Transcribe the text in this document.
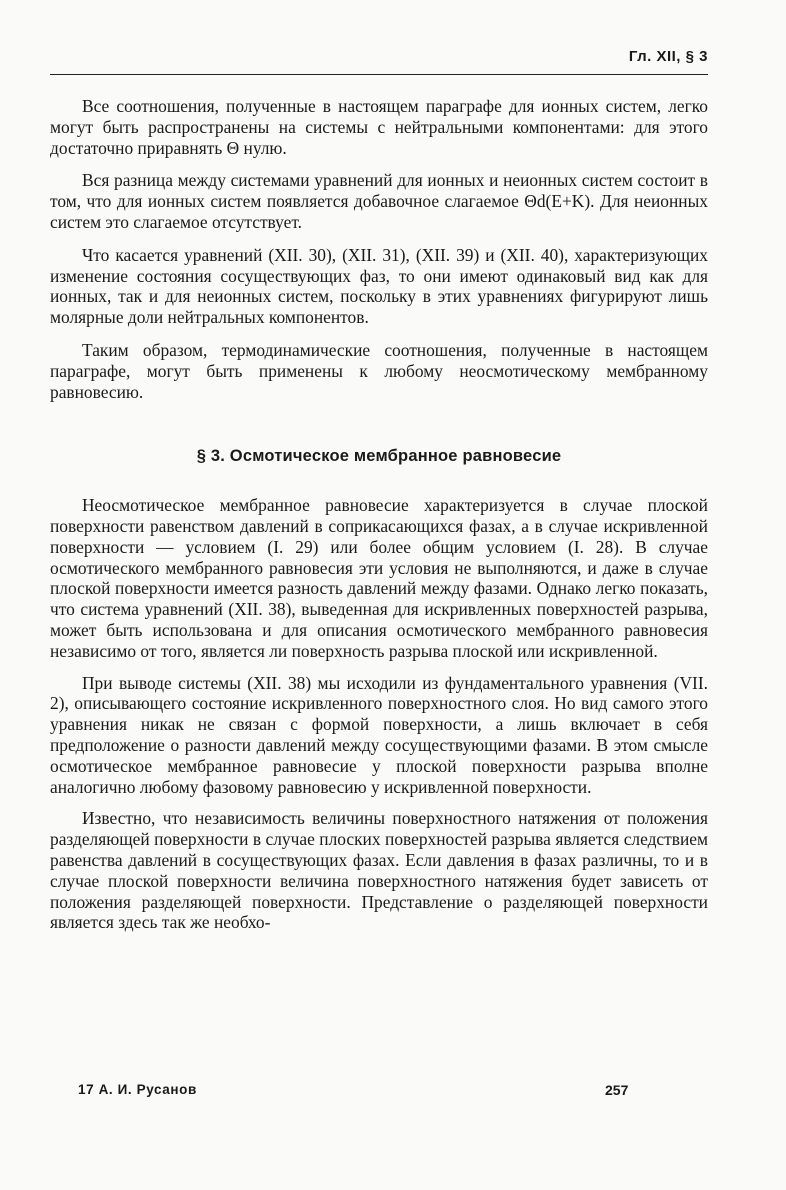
Гл. XII, § 3

Все соотношения, полученные в настоящем параграфе для ионных систем, легко могут быть распространены на системы с нейтральными компонентами: для этого достаточно приравнять Θ нулю.

Вся разница между системами уравнений для ионных и неионных систем состоит в том, что для ионных систем появляется добавочное слагаемое Θd(E+K). Для неионных систем это слагаемое отсутствует.

Что касается уравнений (XII. 30), (XII. 31), (XII. 39) и (XII. 40), характеризующих изменение состояния сосуществующих фаз, то они имеют одинаковый вид как для ионных, так и для неионных систем, поскольку в этих уравнениях фигурируют лишь молярные доли нейтральных компонентов.

Таким образом, термодинамические соотношения, полученные в настоящем параграфе, могут быть применены к любому неосмотическому мембранному равновесию.

§ 3. Осмотическое мембранное равновесие

Неосмотическое мембранное равновесие характеризуется в случае плоской поверхности равенством давлений в соприкасающихся фазах, а в случае искривленной поверхности — условием (I. 29) или более общим условием (I. 28). В случае осмотического мембранного равновесия эти условия не выполняются, и даже в случае плоской поверхности имеется разность давлений между фазами. Однако легко показать, что система уравнений (XII. 38), выведенная для искривленных поверхностей разрыва, может быть использована и для описания осмотического мембранного равновесия независимо от того, является ли поверхность разрыва плоской или искривленной.

При выводе системы (XII. 38) мы исходили из фундаментального уравнения (VII. 2), описывающего состояние искривленного поверхностного слоя. Но вид самого этого уравнения никак не связан с формой поверхности, а лишь включает в себя предположение о разности давлений между сосуществующими фазами. В этом смысле осмотическое мембранное равновесие у плоской поверхности разрыва вполне аналогично любому фазовому равновесию у искривленной поверхности.

Известно, что независимость величины поверхностного натяжения от положения разделяющей поверхности в случае плоских поверхностей разрыва является следствием равенства давлений в сосуществующих фазах. Если давления в фазах различны, то и в случае плоской поверхности величина поверхностного натяжения будет зависеть от положения разделяющей поверхности. Представление о разделяющей поверхности является здесь так же необхо-

17 А. И. Русанов	257
